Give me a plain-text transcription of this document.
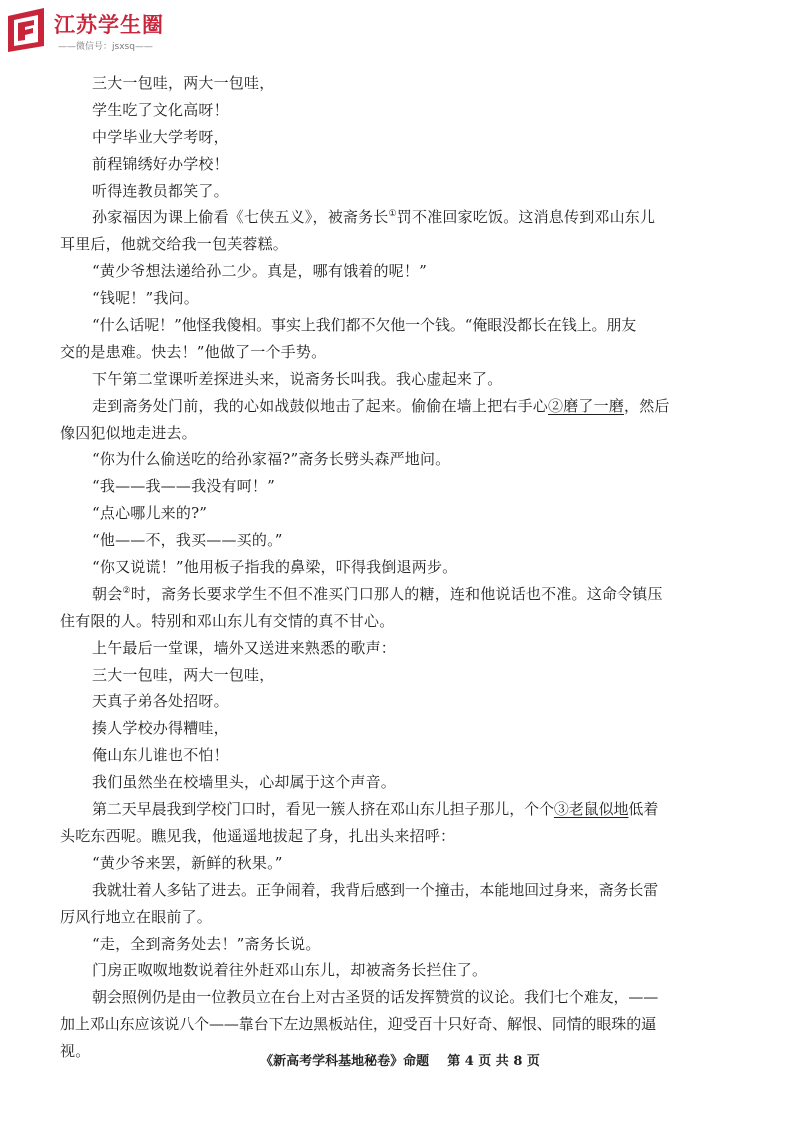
江苏学生圈
——微信号：jsxsq——
三大一包哇，两大一包哇，
学生吃了文化高呀！
中学毕业大学考呀，
前程锦绣好办学校！
听得连教员都笑了。
孙家福因为课上偷看《七侠五义》，被斋务长①罚不准回家吃饭。这消息传到邓山东儿
耳里后，他就交给我一包芙蓉糕。
“黄少爷想法递给孙二少。真是，哪有饿着的呢！”
“钱呢！”我问。
“什么话呢！”他怪我傻相。事实上我们都不欠他一个钱。“俺眼没都长在钱上。朋友
交的是患难。快去！”他做了一个手势。
下午第二堂课听差探进头来，说斋务长叫我。我心虚起来了。
走到斋务处门前，我的心如战鼓似地击了起来。偷偷在墙上把右手心②磨了一磨，然后
像囚犯似地走进去。
“你为什么偷送吃的给孙家福?”斋务长劈头森严地问。
“我——我——我没有呵！”
“点心哪儿来的?”
“他——不，我买——买的。”
“你又说谎！”他用板子指我的鼻梁，吓得我倒退两步。
朝会②时，斋务长要求学生不但不准买门口那人的糖，连和他说话也不准。这命令镇压
住有限的人。特别和邓山东儿有交情的真不甘心。
上午最后一堂课，墙外又送进来熟悉的歌声：
三大一包哇，两大一包哇，
天真子弟各处招呀。
揍人学校办得糟哇，
俺山东儿谁也不怕！
我们虽然坐在校墙里头，心却属于这个声音。
第二天早晨我到学校门口时，看见一簇人挤在邓山东儿担子那儿，个个③老鼠似地低着
头吃东西呢。瞧见我，他遥遥地拔起了身，扎出头来招呼：
“黄少爷来罢，新鲜的秋果。”
我就壮着人多钻了进去。正争闹着，我背后感到一个撞击，本能地回过身来，斋务长雷
厉风行地立在眼前了。
“走，全到斋务处去！”斋务长说。
门房正呶呶地数说着往外赶邓山东儿，却被斋务长拦住了。
朝会照例仍是由一位教员立在台上对古圣贤的话发挥赞赏的议论。我们七个难友，——
加上邓山东应该说八个——靠台下左边黑板站住，迎受百十只好奇、解恨、同情的眼珠的逼
视。
《新高考学科基地秘卷》命题 第 4 页 共 8 页
